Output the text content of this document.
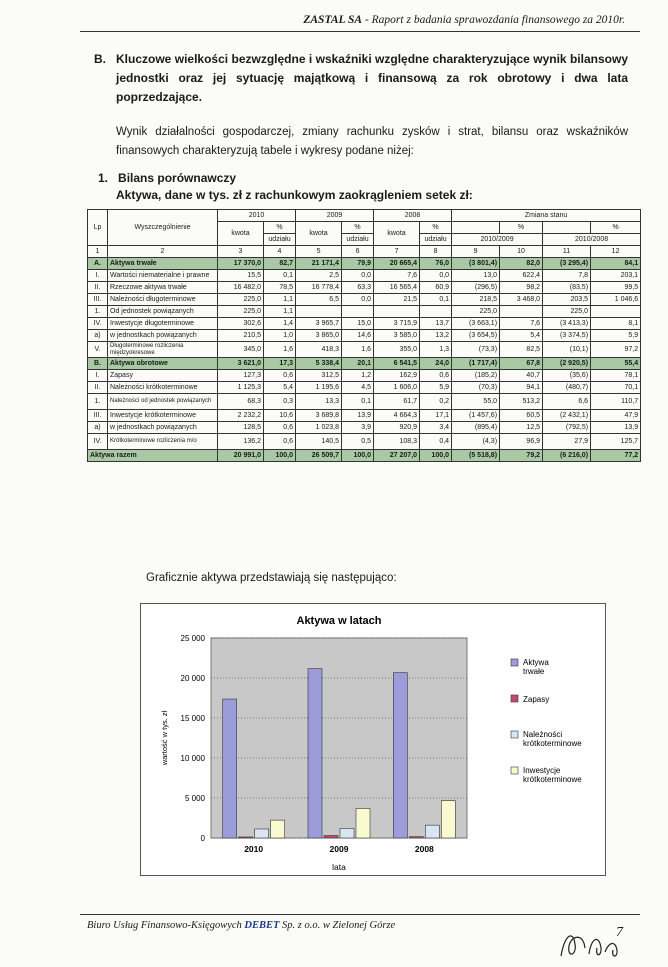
ZASTAL SA - Raport z badania sprawozdania finansowego za 2010r.
B. Kluczowe wielkości bezwzględne i wskaźniki względne charakteryzujące wynik bilansowy jednostki oraz jej sytuację majątkową i finansową za rok obrotowy i dwa lata poprzedzające.
Wynik działalności gospodarczej, zmiany rachunku zysków i strat, bilansu oraz wskaźników finansowych charakteryzują tabele i wykresy podane niżej:
1. Bilans porównawczy
Aktywa, dane w tys. zł z rachunkowym zaokrągleniem setek zł:
Lp	Wyszczególnienie	2010		2009		2008		Zmiana stanu			
		kwota	%	kwota	%	kwota	%		%		%
			udziału		udziału		udziału	2010/2009		2010/2008	
1	2	3	4	5	6	7	8	9	10	11	12
A.	Aktywa trwałe	17 370,0	82,7	21 171,4	79,9	20 665,4	76,0	(3 801,4)	82,0	(3 295,4)	84,1
I.	Wartości niematerialne i prawne	15,5	0,1	2,5	0,0	7,6	0,0	13,0	622,4	7,8	203,1
II.	Rzeczowe aktywa trwałe	16 482,0	78,5	16 778,4	63,3	16 565,4	60,9	(296,5)	98,2	(83,5)	99,5
III.	Należności długoterminowe	225,0	1,1	6,5	0,0	21,5	0,1	218,5	3 468,0	203,5	1 046,6
1.	Od jednostek powiązanych	225,0	1,1					225,0		225,0	
IV.	Inwestycje długoterminowe	302,6	1,4	3 965,7	15,0	3 715,9	13,7	(3 663,1)	7,6	(3 413,3)	8,1
a)	w jednostkach powiązanych	210,5	1,0	3 865,0	14,6	3 585,0	13,2	(3 654,5)	5,4	(3 374,5)	5,9
V.	Długoterminowe rozliczenia międzyokresowe	345,0	1,6	418,3	1,6	355,0	1,3	(73,3)	82,5	(10,1)	97,2
B.	Aktywa obrotowe	3 621,0	17,3	5 338,4	20,1	6 541,5	24,0	(1 717,4)	67,8	(2 920,5)	55,4
I.	Zapasy	127,3	0,6	312,5	1,2	162,9	0,6	(185,2)	40,7	(35,6)	78,1
II.	Należności krótkoterminowe	1 125,3	5,4	1 195,6	4,5	1 606,0	5,9	(70,3)	94,1	(480,7)	70,1
1.	Należności od jednostek powiązanych	68,3	0,3	13,3	0,1	61,7	0,2	55,0	513,2	6,6	110,7
III.	Inwestycje krótkoterminowe	2 232,2	10,6	3 689,8	13,9	4 664,3	17,1	(1 457,6)	60,5	(2 432,1)	47,9
a)	w jednostkach powiązanych	128,5	0,6	1 023,8	3,9	920,9	3,4	(895,4)	12,5	(792,5)	13,9
IV.	Krótkoterminowe rozliczenia m/o	136,2	0,6	140,5	0,5	108,3	0,4	(4,3)	96,9	27,9	125,7
Aktywa razem		20 991,0	100,0	26 509,7	100,0	27 207,0	100,0	(5 518,8)	79,2	(6 216,0)	77,2
Graficznie aktywa przedstawiają się następująco:
0
5 000
10 000
15 000
20 000
25 000
Aktywa w latach
wartość w tys. zł
lata
2010	2009	2008
Aktywa trwałe
Zapasy
Należności krótkoterminowe
Inwestycje krótkoterminowe
Biuro Usług Finansowo-Księgowych DEBET Sp. z o.o. w Zielonej Górze	7
